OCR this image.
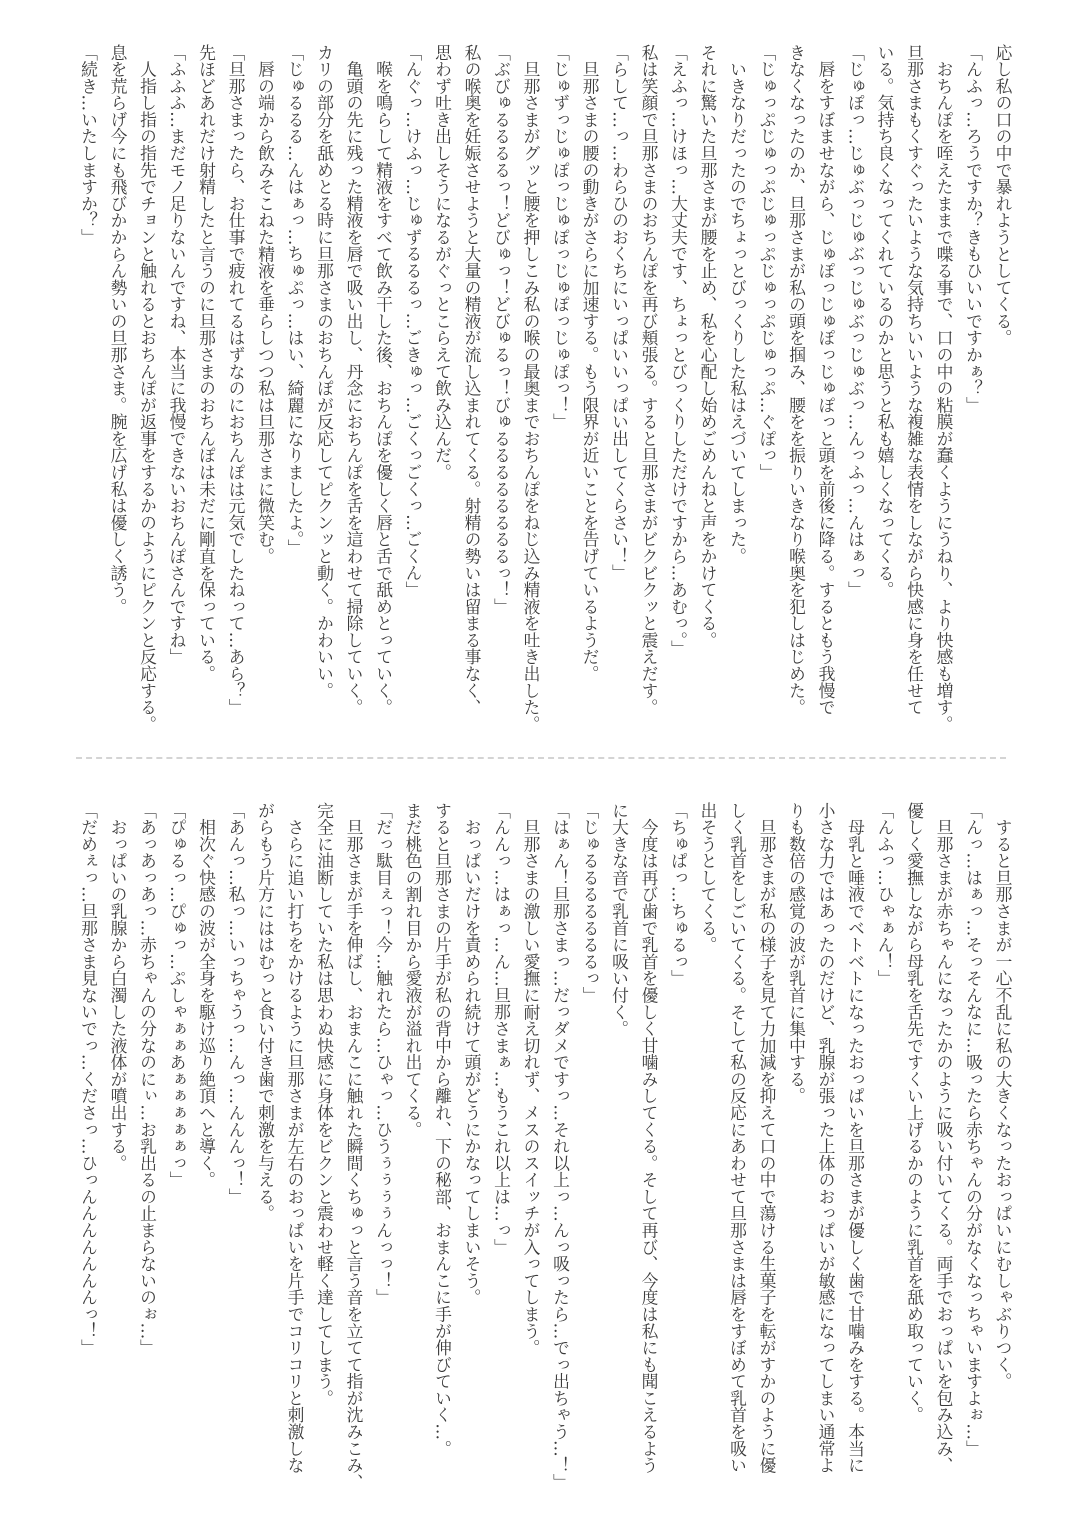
応し私の口の中で暴れようとしてくる。
「んふっ…ろうですか？きもひいいですかぁ？」
　おちんぽを咥えたままで喋る事で、口の中の粘膜が蠢くようにうねり、より快感も増す。
旦那さまもくすぐったいような気持ちいいような複雑な表情をしながら快感に身を任せて
いる。気持ち良くなってくれているのかと思うと私も嬉しくなってくる。
「じゅぽっ…じゅぶっじゅぶっじゅぶっじゅぶっ…んっふっ…んはぁっ」
　唇をすぼませながら、じゅぽっじゅぽっじゅぽっと頭を前後に降る。するともう我慢で
きなくなったのか、旦那さまが私の頭を掴み、腰をを振りいきなり喉奥を犯しはじめた。
「じゅっぷじゅっぷじゅっぷじゅっぷじゅっぷ…ぐぽっ」
　いきなりだったのでちょっとびっくりした私はえづいてしまった。
それに驚いた旦那さまが腰を止め、私を心配し始めごめんねと声をかけてくる。
「えふっ…けほっ…大丈夫です、ちょっとびっくりしただけですから…あむっ。」
私は笑顔で旦那さまのおちんぽを再び頬張る。すると旦那さまがビクビクッと震えだす。
「らして…っ…わらひのおくちにいっぱいいっぱい出してくらさい！」
　旦那さまの腰の動きがさらに加速する。もう限界が近いことを告げているようだ。
「じゅずっじゅぽっじゅぽっじゅぽっじゅぽっ！」
　旦那さまがグッと腰を押しこみ私の喉の最奥までおちんぽをねじ込み精液を吐き出した。
「ぶびゅるるるるっ！どびゅっ！どびゅるっ！びゅるるるるるるるるっ！」
私の喉奥を妊娠させようと大量の精液が流し込まれてくる。射精の勢いは留まる事なく、
思わず吐き出しそうになるがぐっとこらえて飲み込んだ。
「んぐっ…けふっ…じゅずるるるっ…ごきゅっ…ごくっごくっ…ごくん」
　喉を鳴らして精液をすべて飲み干した後、おちんぽを優しく唇と舌で舐めとっていく。
　亀頭の先に残った精液を唇で吸い出し、丹念におちんぽを舌を這わせて掃除していく。
カリの部分を舐めとる時に旦那さまのおちんぽが反応してピクンッと動く。かわいい。
「じゅるるる…んはぁっ…ちゅぷっ…はい、綺麗になりましたよ。」
　唇の端から飲みそこねた精液を垂らしつつ私は旦那さまに微笑む。
「旦那さまったら、お仕事で疲れてるはずなのにおちんぽは元気でしたねって…あら？」
先ほどあれだけ射精したと言うのに旦那さまのおちんぽは未だに剛直を保っている。
「ふふふ…まだモノ足りないんですね、本当に我慢できないおちんぽさんですね」
　人指し指の指先でチョンと触れるとおちんぽが返事をするかのようにピクンと反応する。
息を荒らげ今にも飛びかからん勢いの旦那さま。腕を広げ私は優しく誘う。
「続き…いたしますか？」
　すると旦那さまが一心不乱に私の大きくなったおっぱいにむしゃぶりつく。
「んっ…はぁっ…そっそんなに…吸ったら赤ちゃんの分がなくなっちゃいますよぉ…」
　旦那さまが赤ちゃんになったかのように吸い付いてくる。両手でおっぱいを包み込み、
優しく愛撫しながら母乳を舌先ですくい上げるかのように乳首を舐め取っていく。
「んふっ…ひゃぁん！」
　母乳と唾液でベトベトになったおっぱいを旦那さまが優しく歯で甘噛みをする。本当に
小さな力ではあったのだけど、乳腺が張った上体のおっぱいが敏感になってしまい通常よ
りも数倍の感覚の波が乳首に集中する。
　旦那さまが私の様子を見て力加減を抑えて口の中で蕩ける生菓子を転がすかのように優
しく乳首をしごいてくる。そして私の反応にあわせて旦那さまは唇をすぼめて乳首を吸い
出そうとしてくる。
「ちゅぱっ…ちゅるっ」
　今度は再び歯で乳首を優しく甘噛みしてくる。そして再び、今度は私にも聞こえるよう
に大きな音で乳首に吸い付く。
「じゅるるるるるるるっ」
「はぁん！旦那さまっ…だっダメですっ…それ以上っ…んっ吸ったら…でっ出ちゃう…！」
　旦那さまの激しい愛撫に耐え切れず、メスのスイッチが入ってしまう。
「んんっ…はぁっ…ん…旦那さまぁ…もうこれ以上は…っ」
　おっぱいだけを責められ続けて頭がどうにかなってしまいそう。
すると旦那さまの片手が私の背中から離れ、下の秘部、おまんこに手が伸びていく…。
まだ桃色の割れ目から愛液が溢れ出てくる。
「だっ駄目ぇっ！今…触れたら…ひゃっ…ひうぅぅぅぅんっっ！」
　旦那さまが手を伸ばし、おまんこに触れた瞬間くちゅっと言う音を立てて指が沈みこみ、
完全に油断していた私は思わぬ快感に身体をビクンと震わせ軽く達してしまう。
　さらに追い打ちをかけるように旦那さまが左右のおっぱいを片手でコリコリと刺激しな
がらもう片方にははむっと食い付き歯で刺激を与える。
「あんっ…私っ…いっちゃうっ…んっ…んんんっ！」
　相次ぐ快感の波が全身を駆け巡り絶頂へと導く。
「ぴゅるっ…ぴゅっ…ぷしゃぁぁあぁぁぁぁぁっ」
「あっあっあっ…赤ちゃんの分なのにぃ…お乳出るの止まらないのぉ…」
　おっぱいの乳腺から白濁した液体が噴出する。
「だめぇっ…旦那さま見ないでっ…くださっ…ひっんんんんんんんっ！」
